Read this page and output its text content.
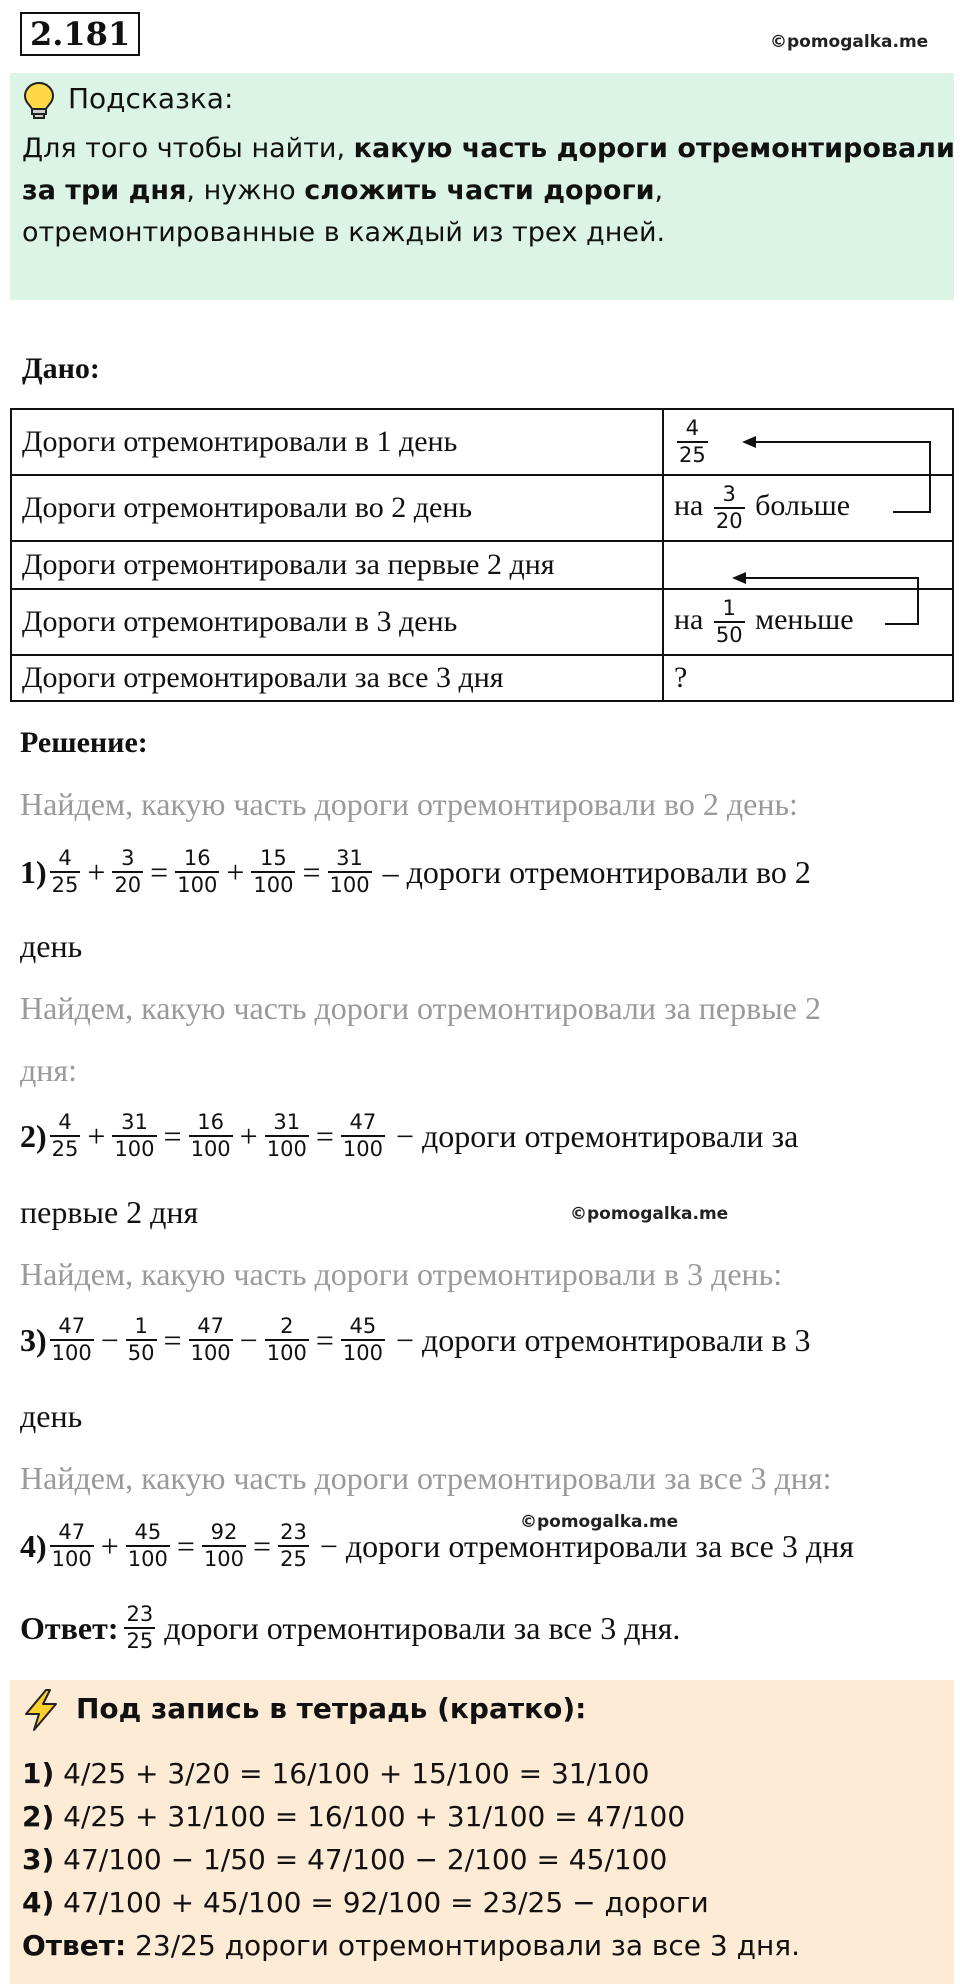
2.181	©pomogalka.me
Подсказка:
Для того чтобы найти, какую часть дороги отремонтировали
за три дня, нужно сложить части дороги,
отремонтированные в каждый из трех дней.
Дано:
Дороги отремонтировали в 1 день	$\frac{4}{25}$

Дороги отремонтировали во 2 день	на $\frac{3}{20}$ больше
Дороги отремонтировали за первые 2 дня	
Дороги отремонтировали в 3 день	на $\frac{1}{50}$ меньше
Дороги отремонтировали за все 3 дня	?
Решение:
Найдем, какую часть дороги отремонтировали во 2 день:
$1) \frac{4}{25} + \frac{3}{20} = \frac{16}{100} + \frac{15}{100} = \frac{31}{100}$ – дороги отремонтировали во 2
день
Найдем, какую часть дороги отремонтировали за первые 2
дня:
$2) \frac{4}{25} + \frac{31}{100} = \frac{16}{100} + \frac{31}{100} = \frac{47}{100}$ − дороги отремонтировали за
первые 2 дня	©pomogalka.me
Найдем, какую часть дороги отремонтировали в 3 день:
$3) \frac{47}{100} - \frac{1}{50} = \frac{47}{100} - \frac{2}{100} = \frac{45}{100}$ − дороги отремонтировали в 3
день
Найдем, какую часть дороги отремонтировали за все 3 дня:
©pomogalka.me
$4) \frac{47}{100} + \frac{45}{100} = \frac{92}{100} = \frac{23}{25}$ − дороги отремонтировали за все 3 дня
Ответ: $\frac{23}{25}$ дороги отремонтировали за все 3 дня.
Под запись в тетрадь (кратко):
1) 4/25 + 3/20 = 16/100 + 15/100 = 31/100
2) 4/25 + 31/100 = 16/100 + 31/100 = 47/100
3) 47/100 − 1/50 = 47/100 − 2/100 = 45/100
4) 47/100 + 45/100 = 92/100 = 23/25 − дороги
Ответ: 23/25 дороги отремонтировали за все 3 дня.
